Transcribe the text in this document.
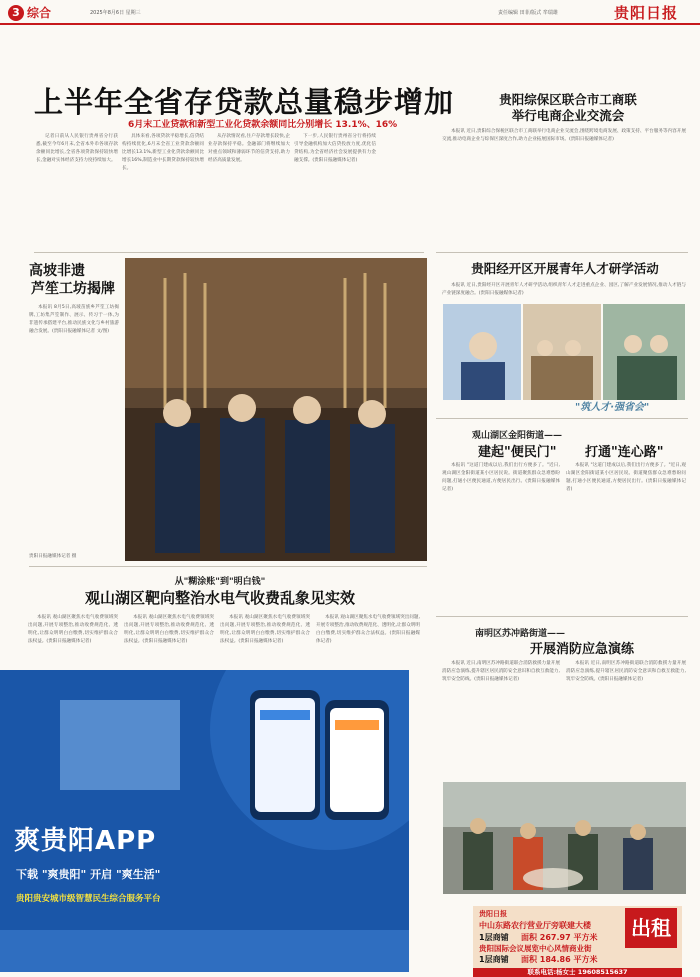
3 综合	2025年8月6日 星期三	责任编辑 田菲/版式 牟瑞雄	贵阳日报
上半年全省存贷款总量稳步增加
6月末工业贷款和新型工业化贷款余额同比分别增长 13.1%、16%

记者日前从人民银行贵州省分行获悉,截至今年6月末,全省本外币各项存款余额同比增长,全省各项贷款保持较快增长,金融对实体经济支持力度持续加大。

具体来看,各项贷款平稳增长,信贷结构持续优化,6月末全省工业贷款余额同比增长13.1%,新型工业化贷款余额同比增长16%,制造业中长期贷款保持较快增长。

从存款情况看,住户存款增长较快,企业存款保持平稳。金融部门将继续加大对重点领域和薄弱环节的信贷支持,助力经济高质量发展。

下一步,人民银行贵州省分行将持续引导金融机构加大信贷投放力度,优化信贷结构,为全省经济社会发展提供有力金融支撑。(贵阳日报融媒体记者)

贵阳综保区联合市工商联
举行电商企业交流会

本报讯 近日,贵阳综合保税区联合市工商联举行电商企业交流会,围绕跨境电商发展、政策支持、平台服务等内容开展交流,推动电商企业与综保区深度合作,助力企业拓展国际市场。(贵阳日报融媒体记者)

贵阳经开区开展青年人才研学活动

本报讯 近日,贵阳经开区开展青年人才研学活动,组织青年人才走进重点企业、园区,了解产业发展情况,推动人才链与产业链深度融合。(贵阳日报融媒体记者)

"筑人才·强省会"
高坡非遗
芦笙工坊揭牌

本报讯 8月5日,高坡苗族乡芦笙工坊揭牌,工坊集芦笙制作、展示、传习于一体,为非遗传承搭建平台,推动民族文化与乡村旅游融合发展。(贵阳日报融媒体记者 文/图)

贵阳日报融媒体记者 摄
从"糊涂账"到"明白钱"
观山湖区靶向整治水电气收费乱象见实效

本报讯 观山湖区聚焦水电气收费领域突出问题,开展专项整治,推动收费规范化、透明化,让群众明明白白缴费,切实维护群众合法权益。(贵阳日报融媒体记者)

本报讯 观山湖区聚焦水电气收费领域突出问题,开展专项整治,推动收费规范化、透明化,让群众明明白白缴费,切实维护群众合法权益。(贵阳日报融媒体记者)

本报讯 观山湖区聚焦水电气收费领域突出问题,开展专项整治,推动收费规范化、透明化,让群众明明白白缴费,切实维护群众合法权益。(贵阳日报融媒体记者)

本报讯 观山湖区聚焦水电气收费领域突出问题,开展专项整治,推动收费规范化、透明化,让群众明明白白缴费,切实维护群众合法权益。(贵阳日报融媒体记者)

观山湖区金阳街道——
建起"便民门" 打通"连心路"

本报讯 "这道门建成以后,我们出行方便多了。"近日,观山湖区金阳街道某小区居民说。街道聚焦群众急难愁盼问题,打通小区便民通道,方便居民出行。(贵阳日报融媒体记者)

本报讯 "这道门建成以后,我们出行方便多了。"近日,观山湖区金阳街道某小区居民说。街道聚焦群众急难愁盼问题,打通小区便民通道,方便居民出行。(贵阳日报融媒体记者)

南明区苏冲路街道——
开展消防应急演练

本报讯 近日,南明区苏冲路街道联合消防救援力量开展消防应急演练,提升辖区居民消防安全意识和自救互救能力,筑牢安全防线。(贵阳日报融媒体记者)

本报讯 近日,南明区苏冲路街道联合消防救援力量开展消防应急演练,提升辖区居民消防安全意识和自救互救能力,筑牢安全防线。(贵阳日报融媒体记者)

爽贵阳APP
下载 "爽贵阳" 开启 "爽生活"
贵阳贵安城市级智慧民生综合服务平台
贵阳日报
出租
中山东路农行营业厅旁联建大楼
1层商铺 面积 267.97 平方米
贵阳国际会议展览中心风情商业街
1层商铺 面积 184.86 平方米
联系电话:杨女士 19608515637
